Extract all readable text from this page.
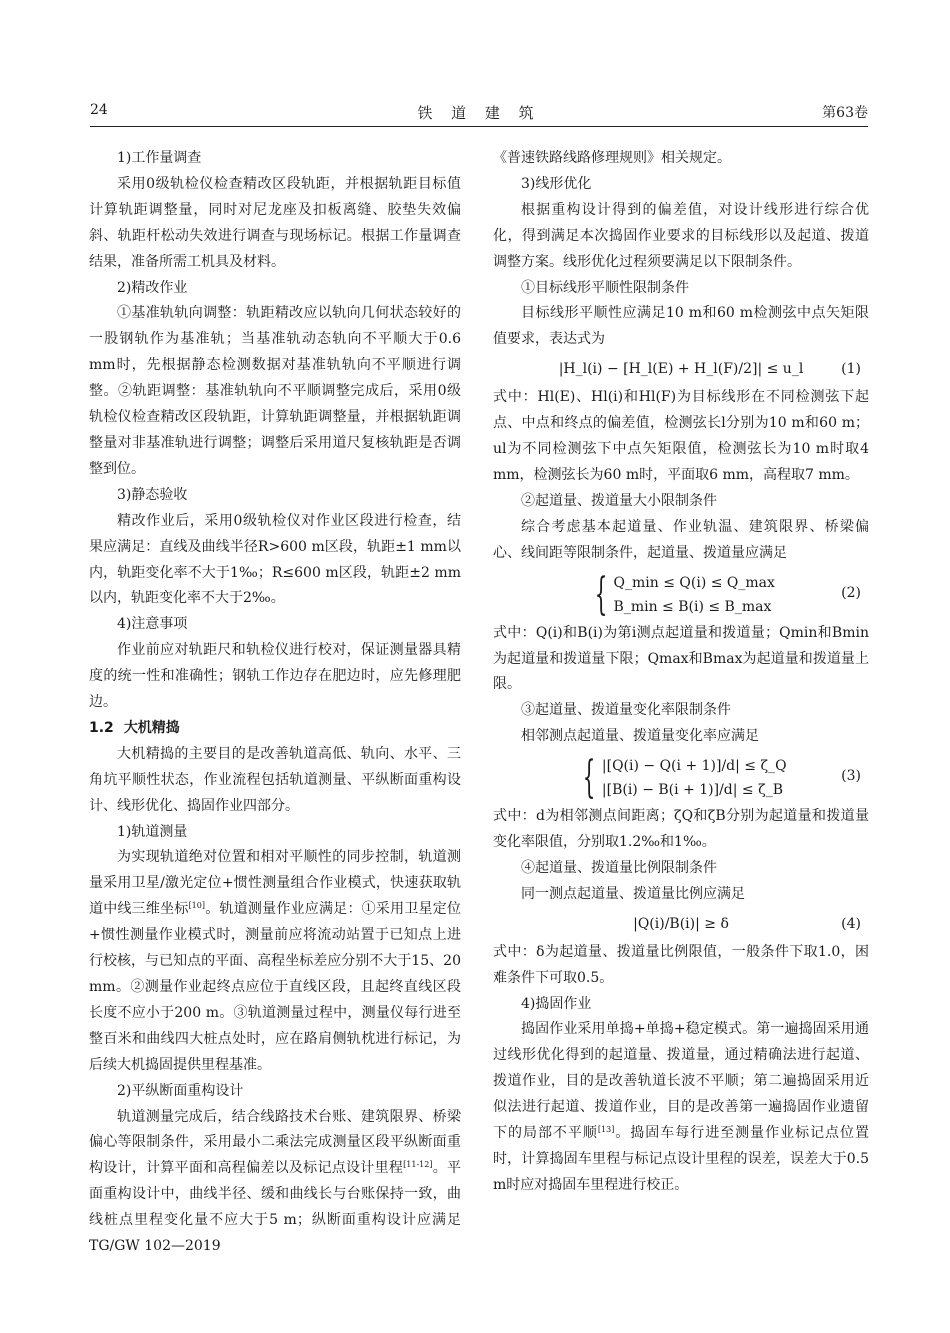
24	铁 道 建 筑	第63卷

1)工作量调查

采用0级轨检仪检查精改区段轨距，并根据轨距目标值计算轨距调整量，同时对尼龙座及扣板离缝、胶垫失效偏斜、轨距杆松动失效进行调查与现场标记。根据工作量调查结果，准备所需工机具及材料。

2)精改作业

①基准轨轨向调整：轨距精改应以轨向几何状态较好的一股钢轨作为基准轨；当基准轨动态轨向不平顺大于0.6 mm时，先根据静态检测数据对基准轨轨向不平顺进行调整。②轨距调整：基准轨轨向不平顺调整完成后，采用0级轨检仪检查精改区段轨距，计算轨距调整量，并根据轨距调整量对非基准轨进行调整；调整后采用道尺复核轨距是否调整到位。

3)静态验收

精改作业后，采用0级轨检仪对作业区段进行检查，结果应满足：直线及曲线半径R>600 m区段，轨距±1 mm以内，轨距变化率不大于1‰；R≤600 m区段，轨距±2 mm以内，轨距变化率不大于2‰。

4)注意事项

作业前应对轨距尺和轨检仪进行校对，保证测量器具精度的统一性和准确性；钢轨工作边存在肥边时，应先修理肥边。

1.2 大机精捣

大机精捣的主要目的是改善轨道高低、轨向、水平、三角坑平顺性状态，作业流程包括轨道测量、平纵断面重构设计、线形优化、捣固作业四部分。

1)轨道测量

为实现轨道绝对位置和相对平顺性的同步控制，轨道测量采用卫星/激光定位+惯性测量组合作业模式，快速获取轨道中线三维坐标[10]。轨道测量作业应满足：①采用卫星定位+惯性测量作业模式时，测量前应将流动站置于已知点上进行校核，与已知点的平面、高程坐标差应分别不大于15、20 mm。②测量作业起终点应位于直线区段，且起终直线区段长度不应小于200 m。③轨道测量过程中，测量仪每行进至整百米和曲线四大桩点处时，应在路肩侧轨枕进行标记，为后续大机捣固提供里程基准。

2)平纵断面重构设计

轨道测量完成后，结合线路技术台账、建筑限界、桥梁偏心等限制条件，采用最小二乘法完成测量区段平纵断面重构设计，计算平面和高程偏差以及标记点设计里程[11-12]。平面重构设计中，曲线半径、缓和曲线长与台账保持一致，曲线桩点里程变化量不应大于5 m；纵断面重构设计应满足TG/GW 102—2019

《普速铁路线路修理规则》相关规定。

3)线形优化

根据重构设计得到的偏差值，对设计线形进行综合优化，得到满足本次捣固作业要求的目标线形以及起道、拨道调整方案。线形优化过程须要满足以下限制条件。

①目标线形平顺性限制条件

目标线形平顺性应满足10 m和60 m检测弦中点矢矩限值要求，表达式为

|H_l(i) − [H_l(E) + H_l(F)/2]| ≤ u_l	(1)

式中：Hl(E)、Hl(i)和Hl(F)为目标线形在不同检测弦下起点、中点和终点的偏差值，检测弦长l分别为10 m和60 m；ul为不同检测弦下中点矢矩限值，检测弦长为10 m时取4 mm，检测弦长为60 m时，平面取6 mm，高程取7 mm。

②起道量、拨道量大小限制条件

综合考虑基本起道量、作业轨温、建筑限界、桥梁偏心、线间距等限制条件，起道量、拨道量应满足

{ Q_min ≤ Q(i) ≤ Q_max
B_min ≤ B(i) ≤ B_max
(2)

式中：Q(i)和B(i)为第i测点起道量和拨道量；Qmin和Bmin为起道量和拨道量下限；Qmax和Bmax为起道量和拨道量上限。

③起道量、拨道量变化率限制条件

相邻测点起道量、拨道量变化率应满足

{ |[Q(i) − Q(i + 1)]/d| ≤ ζ_Q
|[B(i) − B(i + 1)]/d| ≤ ζ_B
(3)

式中：d为相邻测点间距离；ζQ和ζB分别为起道量和拨道量变化率限值，分别取1.2‰和1‰。

④起道量、拨道量比例限制条件

同一测点起道量、拨道量比例应满足

|Q(i)/B(i)| ≥ δ	(4)

式中：δ为起道量、拨道量比例限值，一般条件下取1.0，困难条件下可取0.5。

4)捣固作业

捣固作业采用单捣+单捣+稳定模式。第一遍捣固采用通过线形优化得到的起道量、拨道量，通过精确法进行起道、拨道作业，目的是改善轨道长波不平顺；第二遍捣固采用近似法进行起道、拨道作业，目的是改善第一遍捣固作业遗留下的局部不平顺[13]。捣固车每行进至测量作业标记点位置时，计算捣固车里程与标记点设计里程的误差，误差大于0.5 m时应对捣固车里程进行校正。
